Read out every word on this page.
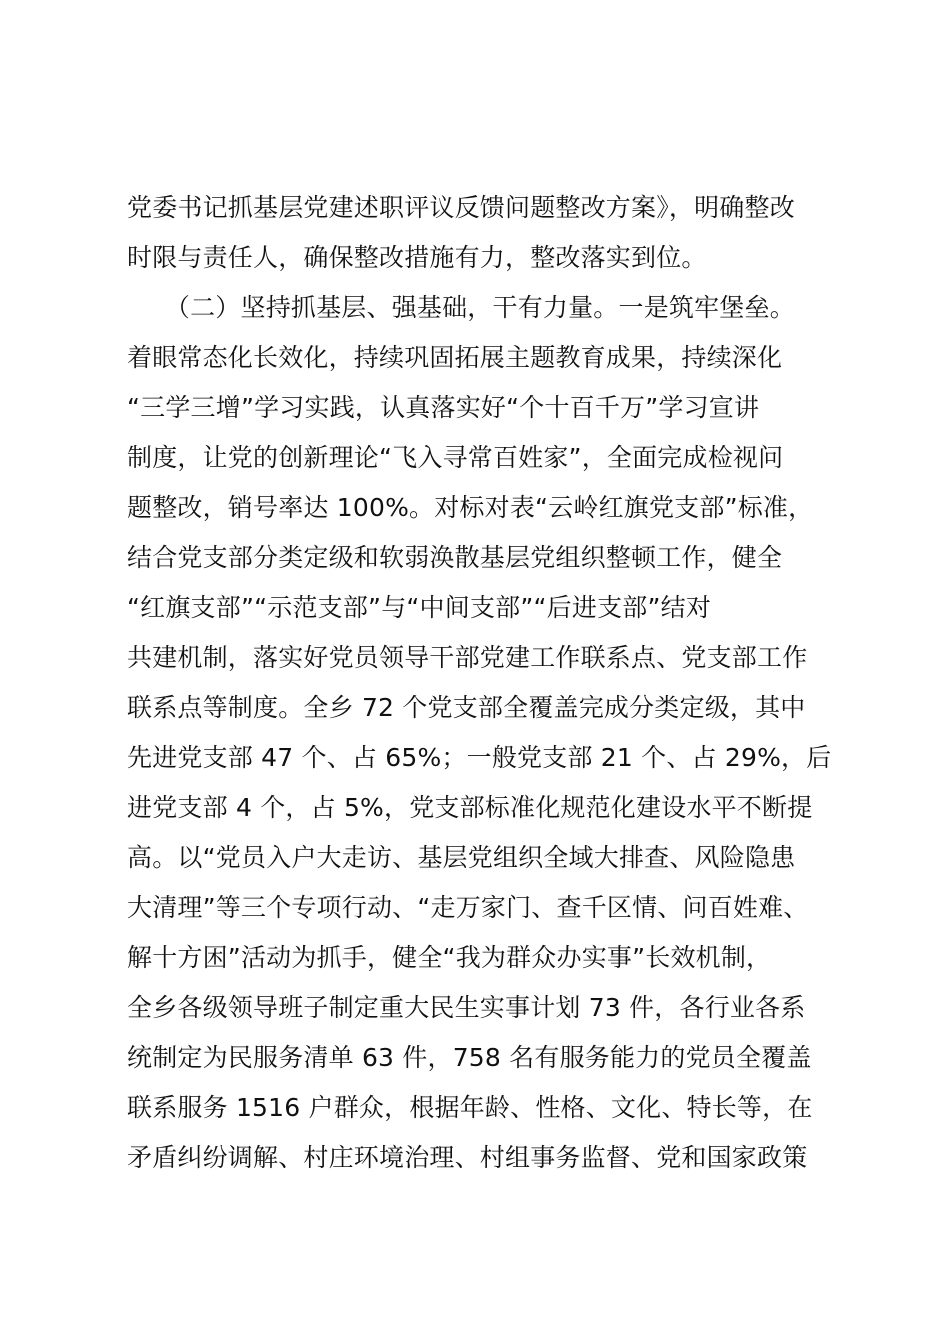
党委书记抓基层党建述职评议反馈问题整改方案》，明确整改
时限与责任人，确保整改措施有力，整改落实到位。
　　（二）坚持抓基层、强基础，干有力量。一是筑牢堡垒。
着眼常态化长效化，持续巩固拓展主题教育成果，持续深化
“三学三增”学习实践，认真落实好“个十百千万”学习宣讲
制度，让党的创新理论“飞入寻常百姓家”，全面完成检视问
题整改，销号率达 100%。对标对表“云岭红旗党支部”标准，
结合党支部分类定级和软弱涣散基层党组织整顿工作，健全
“红旗支部”“示范支部”与“中间支部”“后进支部”结对
共建机制，落实好党员领导干部党建工作联系点、党支部工作
联系点等制度。全乡 72 个党支部全覆盖完成分类定级，其中
先进党支部 47 个、占 65%；一般党支部 21 个、占 29%，后
进党支部 4 个，占 5%，党支部标准化规范化建设水平不断提
高。以“党员入户大走访、基层党组织全域大排查、风险隐患
大清理”等三个专项行动、“走万家门、查千区情、问百姓难、
解十方困”活动为抓手，健全“我为群众办实事”长效机制，
全乡各级领导班子制定重大民生实事计划 73 件，各行业各系
统制定为民服务清单 63 件，758 名有服务能力的党员全覆盖
联系服务 1516 户群众，根据年龄、性格、文化、特长等，在
矛盾纠纷调解、村庄环境治理、村组事务监督、党和国家政策
